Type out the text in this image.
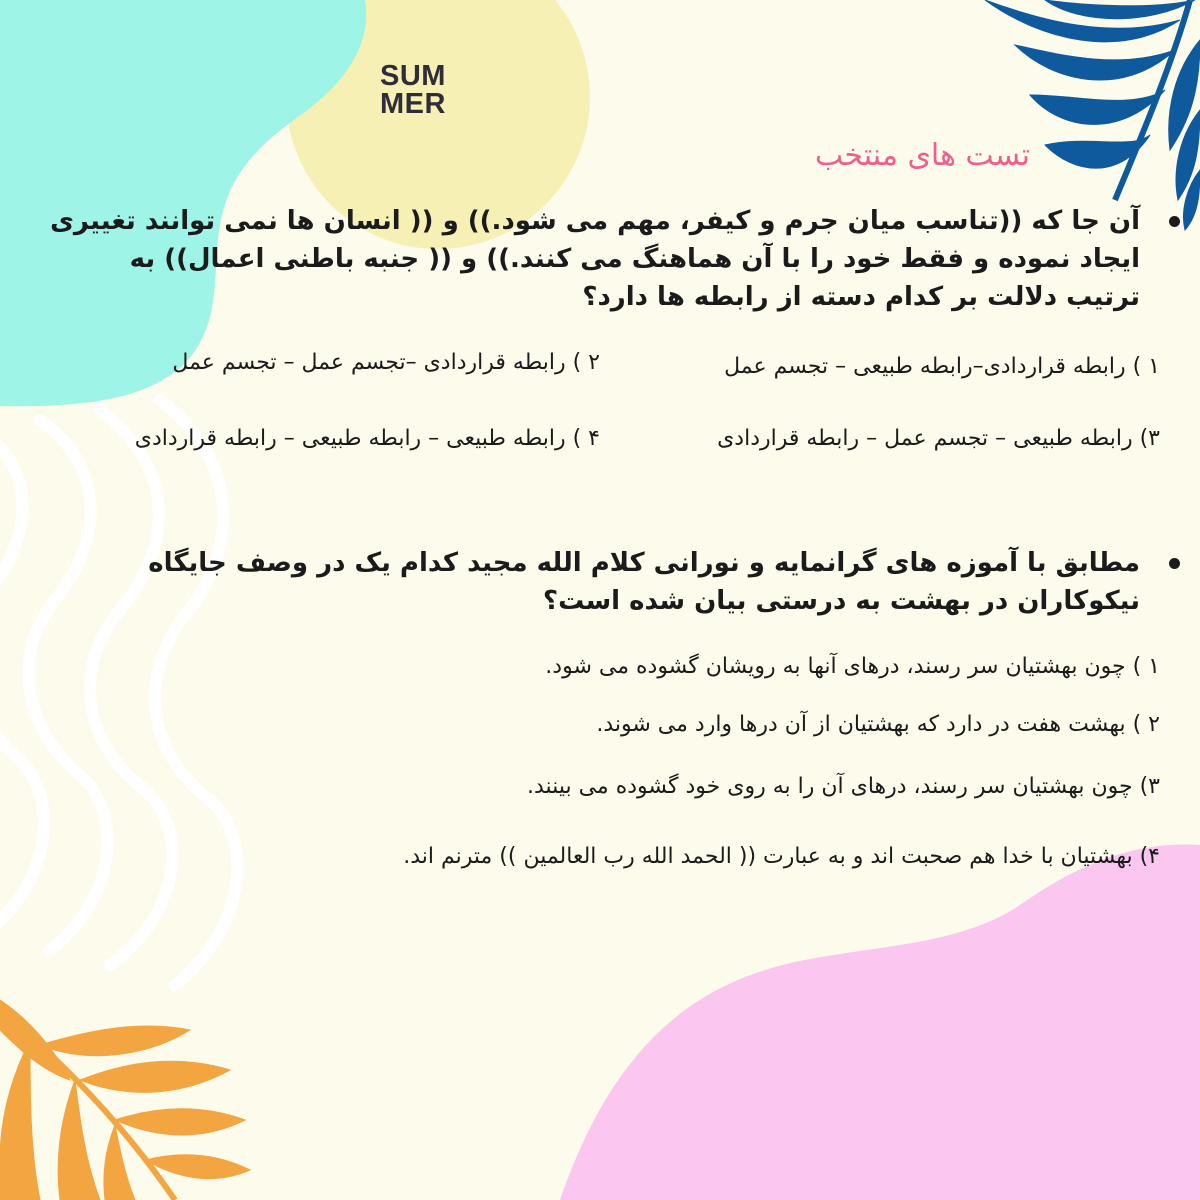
SUM
MER
تست های منتخب
آن جا که ((تناسب میان جرم و کیفر، مهم می شود.)) و (( انسان ها نمی توانند تغییری ایجاد نموده و فقط خود را با آن هماهنگ می کنند.)) و (( جنبه باطنی اعمال)) به ترتیب دلالت بر کدام دسته از رابطه ها دارد؟
١ ) رابطه قراردادی–رابطه طبیعی – تجسم عمل
٢ ) رابطه قراردادی –تجسم عمل – تجسم عمل
٣) رابطه طبیعی – تجسم عمل – رابطه قراردادی
۴ ) رابطه طبیعی – رابطه طبیعی – رابطه قراردادی
مطابق با آموزه های گرانمایه و نورانی کلام الله مجید کدام یک در وصف جایگاه نیکوکاران در بهشت به درستی بیان شده است؟
١ ) چون بهشتیان سر رسند، درهای آنها به رویشان گشوده می شود.
٢ ) بهشت هفت در دارد که بهشتیان از آن درها وارد می شوند.
٣) چون بهشتیان سر رسند، درهای آن را به روی خود گشوده می بینند.
۴) بهشتیان با خدا هم صحبت اند و به عبارت (( الحمد الله رب العالمین )) مترنم اند.
